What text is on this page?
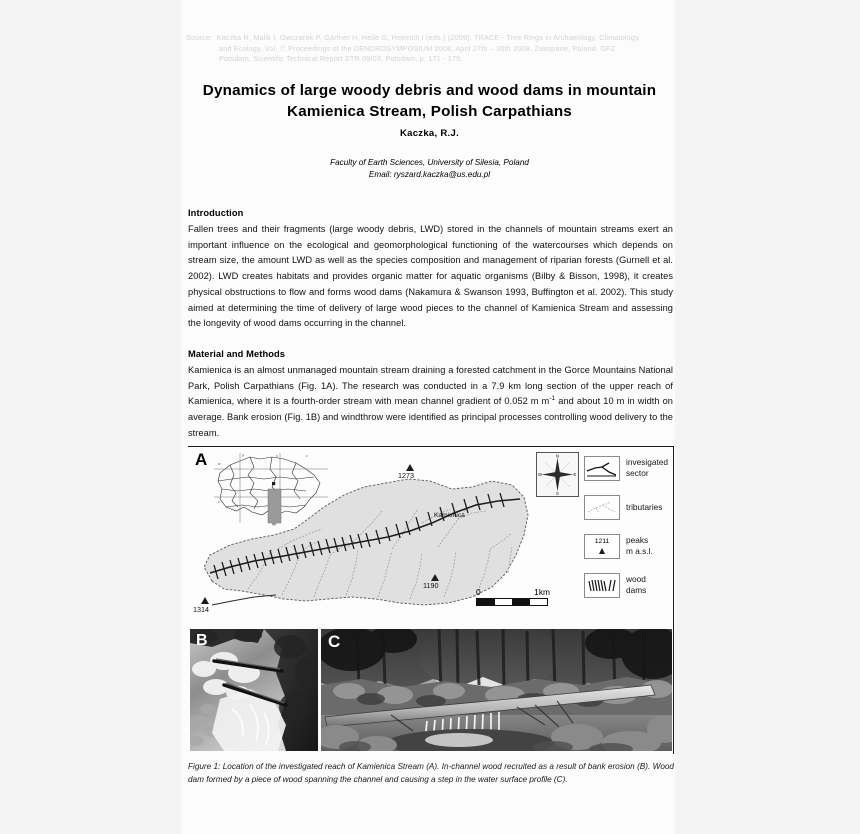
Source:  Kaczka R, Malik I, Owczarek P, Gärtner H, Helle G, Heinrich I (eds.) (2009): TRACE - Tree Rings in Archaeology, Climatology
and Ecology, Vol. 7: Proceedings of the DENDROSYMPOSIUM 2008, April 27th – 30th 2008, Zakopane, Poland. GFZ
Potsdam, Scientific Technical Report STR 09/03, Potsdam, p. 171 - 175.
Dynamics of large woody debris and wood dams in mountain
Kamienica Stream, Polish Carpathians
Kaczka, R.J.
Faculty of Earth Sciences, University of Silesia, Poland
Email: ryszard.kaczka@us.edu.pl
Introduction
Fallen trees and their fragments (large woody debris, LWD) stored in the channels of mountain streams exert an important influence on the ecological and geomorphological functioning of the watercourses which depends on stream size, the amount LWD as well as the species composition and management of riparian forests (Gurnell et al. 2002). LWD creates habitats and provides organic matter for aquatic organisms (Bilby & Bisson, 1998), it creates physical obstructions to flow and forms wood dams (Nakamura & Swanson 1993, Buffington et al. 2002). This study aimed at determining the time of delivery of large wood pieces to the channel of Kamienica Stream and assessing the longevity of wood dams occurring in the channel.
Material and Methods
Kamienica is an almost unmanaged mountain stream draining a forested catchment in the Gorce Mountains National Park, Polish Carpathians (Fig. 1A). The research was conducted in a 7.9 km long section of the upper reach of Kamienica, where it is a fourth-order stream with mean channel gradient of 0.052 m $m^{-1}$ and about 10 m in width on average. Bank erosion (Fig. 1B) and windthrow were identified as principal processes controlling wood delivery to the stream.
A	P	o	z
w
c
y
1273
1190
1314
Kamienica
0	1km
N
S
E
W
invesigated
sector
tributaries
1211	peaks
m a.s.l.
wood
dams
B	C
Figure 1: Location of the investigated reach of Kamienica Stream (A). In-channel wood recruited as a result of bank erosion (B). Wood dam formed by a piece of wood spanning the channel and causing a step in the water surface profile (C).
